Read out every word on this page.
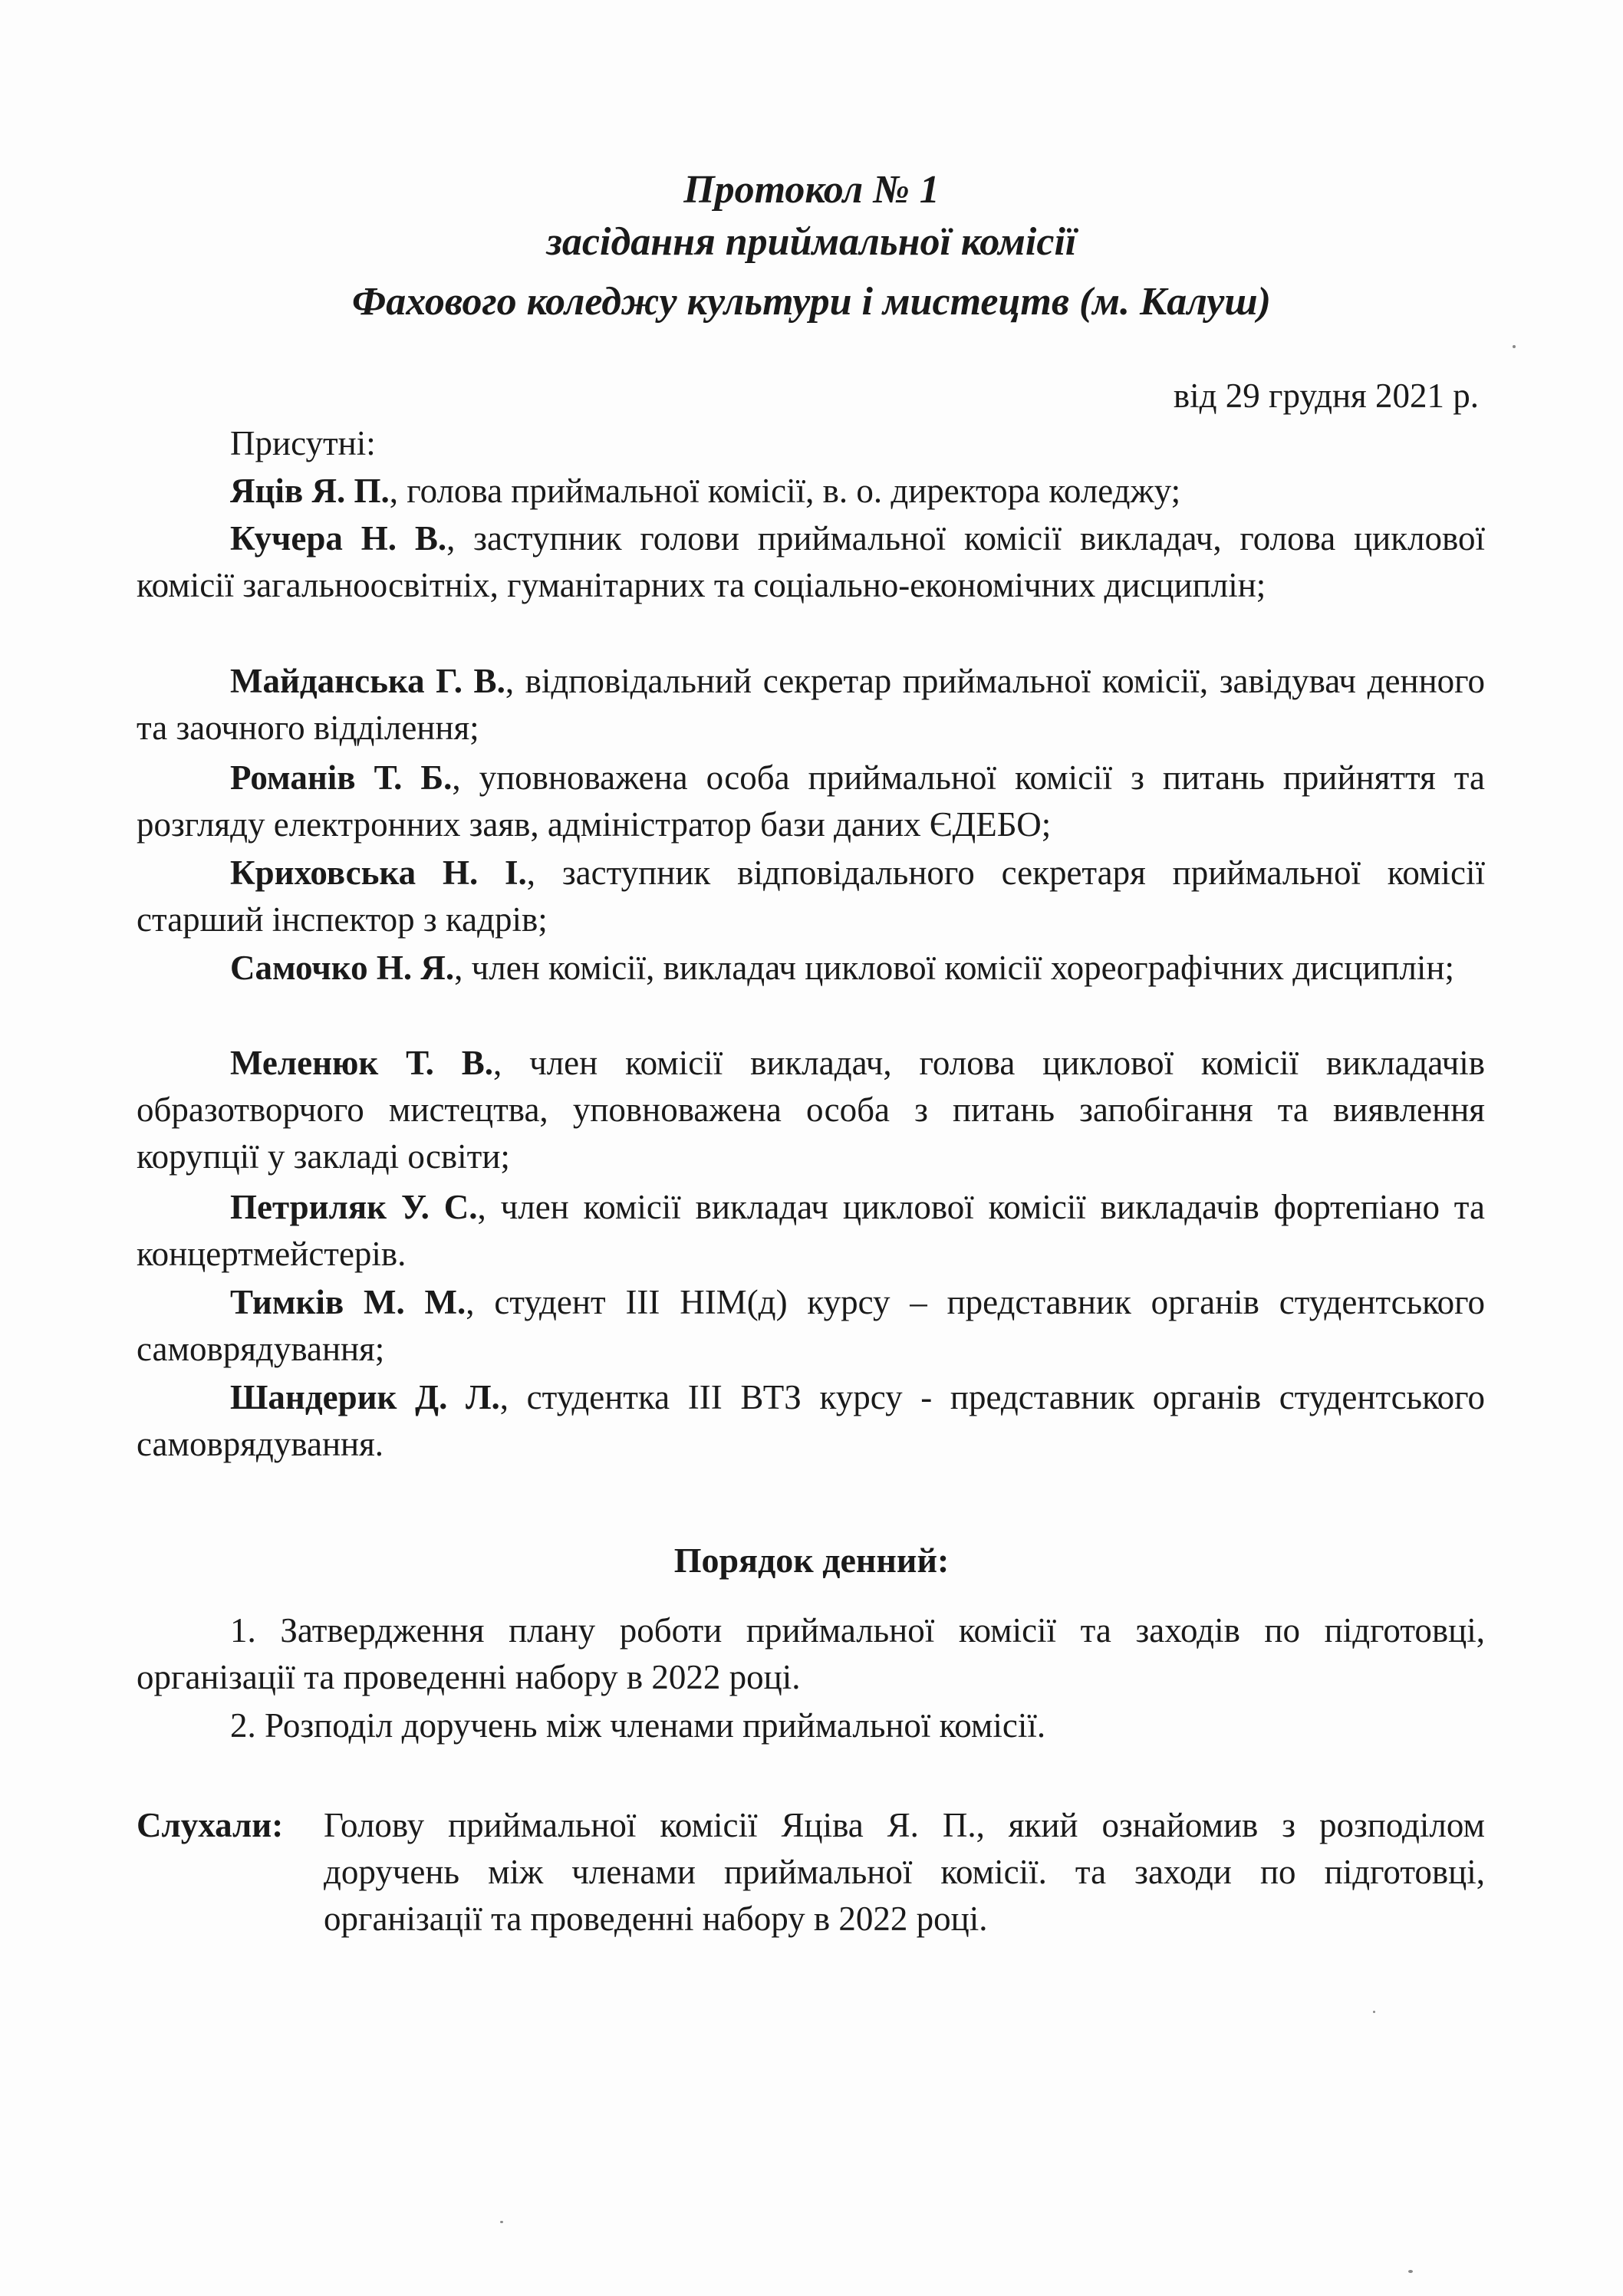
Протокол № 1

засідання приймальної комісії

Фахового коледжу культури і мистецтв (м. Калуш)

від 29 грудня 2021 р.

Присутні:

Яців Я. П., голова приймальної комісії, в. о. директора коледжу;

Кучера Н. В., заступник голови приймальної комісії викладач, голова циклової комісії загальноосвітніх, гуманітарних та соціально-економічних дисциплін;

Майданська Г. В., відповідальний секретар приймальної комісії, завідувач денного та заочного відділення;

Романів Т. Б., уповноважена особа приймальної комісії з питань прийняття та розгляду електронних заяв, адміністратор бази даних ЄДЕБО;

Криховська Н. І., заступник відповідального секретаря приймальної комісії старший інспектор з кадрів;

Самочко Н. Я., член комісії, викладач циклової комісії хореографічних дисциплін;

Меленюк Т. В., член комісії викладач, голова циклової комісії викладачів образотворчого мистецтва, уповноважена особа з питань запобігання та виявлення корупції у закладі освіти;

Петриляк У. С., член комісії викладач циклової комісії викладачів фортепіано та концертмейстерів.

Тимків М. М., студент ІІІ НІМ(д) курсу – представник органів студентського самоврядування;

Шандерик Д. Л., студентка ІІІ ВТЗ курсу - представник органів студентського самоврядування.

Порядок денний:

1. Затвердження плану роботи приймальної комісії та заходів по підготовці, організації та проведенні набору в 2022 році.

2. Розподіл доручень між членами приймальної комісії.

Слухали: Голову приймальної комісії Яціва Я. П., який ознайомив з розподілом доручень між членами приймальної комісії. та заходи по підготовці, організації та проведенні набору в 2022 році.
